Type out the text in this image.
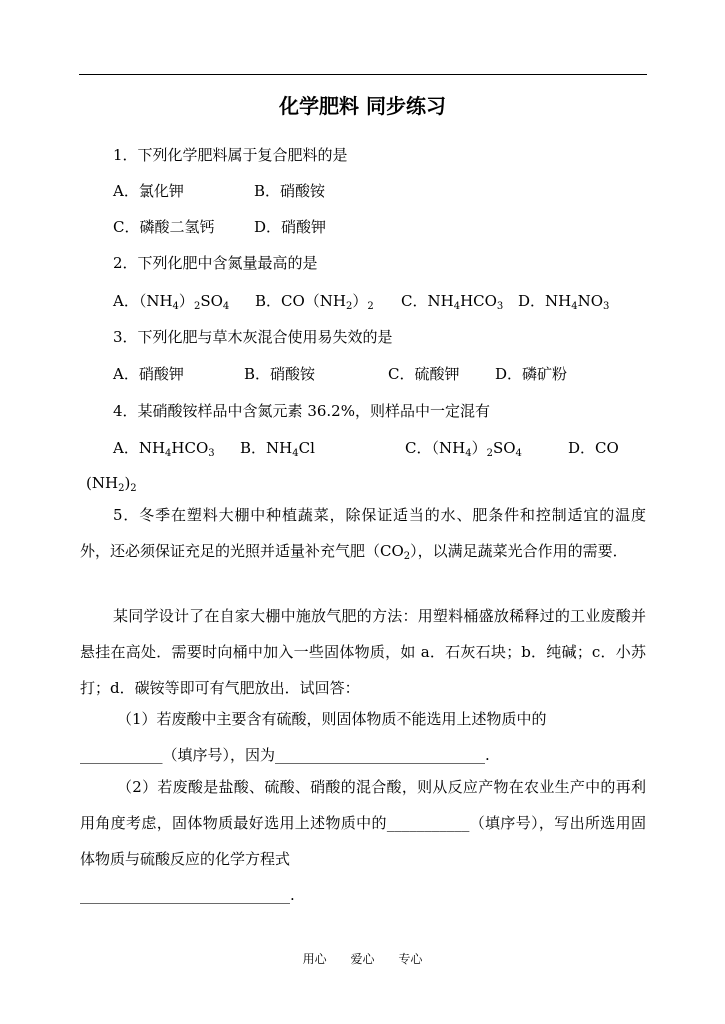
化学肥料 同步练习
1．下列化学肥料属于复合肥料的是
A．氯化钾	B．硝酸铵
C．磷酸二氢钙	D．硝酸钾
2．下列化肥中含氮量最高的是
A．$(NH_4)_2SO_4$ B．$CO(NH_2)_2$ C．$NH_4HCO_3$ D．$NH_4NO_3$
3．下列化肥与草木灰混合使用易失效的是
A．硝酸钾	B．硝酸铵	C．硫酸钾 D．磷矿粉
4．某硝酸铵样品中含氮元素 36.2%，则样品中一定混有
A．$NH_4HCO_3$ B．$NH_4Cl$	C．$(NH_4)_2SO_4$	D．CO
$(NH_2)_2$
5．冬季在塑料大棚中种植蔬菜，除保证适当的水、肥条件和控制适宜的温度外，还必须保证充足的光照并适量补充气肥$(CO_2)$，以满足蔬菜光合作用的需要．
某同学设计了在自家大棚中施放气肥的方法：用塑料桶盛放稀释过的工业废酸并悬挂在高处．需要时向桶中加入一些固体物质，如 a．石灰石块；b．纯碱；c．小苏打；d．碳铵等即可有气肥放出．试回答：
（1）若废酸中主要含有硫酸，则固体物质不能选用上述物质中的
___________（填序号），因为____________________________.
（2）若废酸是盐酸、硫酸、硝酸的混合酸，则从反应产物在农业生产中的再利用角度考虑，固体物质最好选用上述物质中的___________（填序号），写出所选用固体物质与硫酸反应的化学方程式
____________________________.
用心 爱心 专心
